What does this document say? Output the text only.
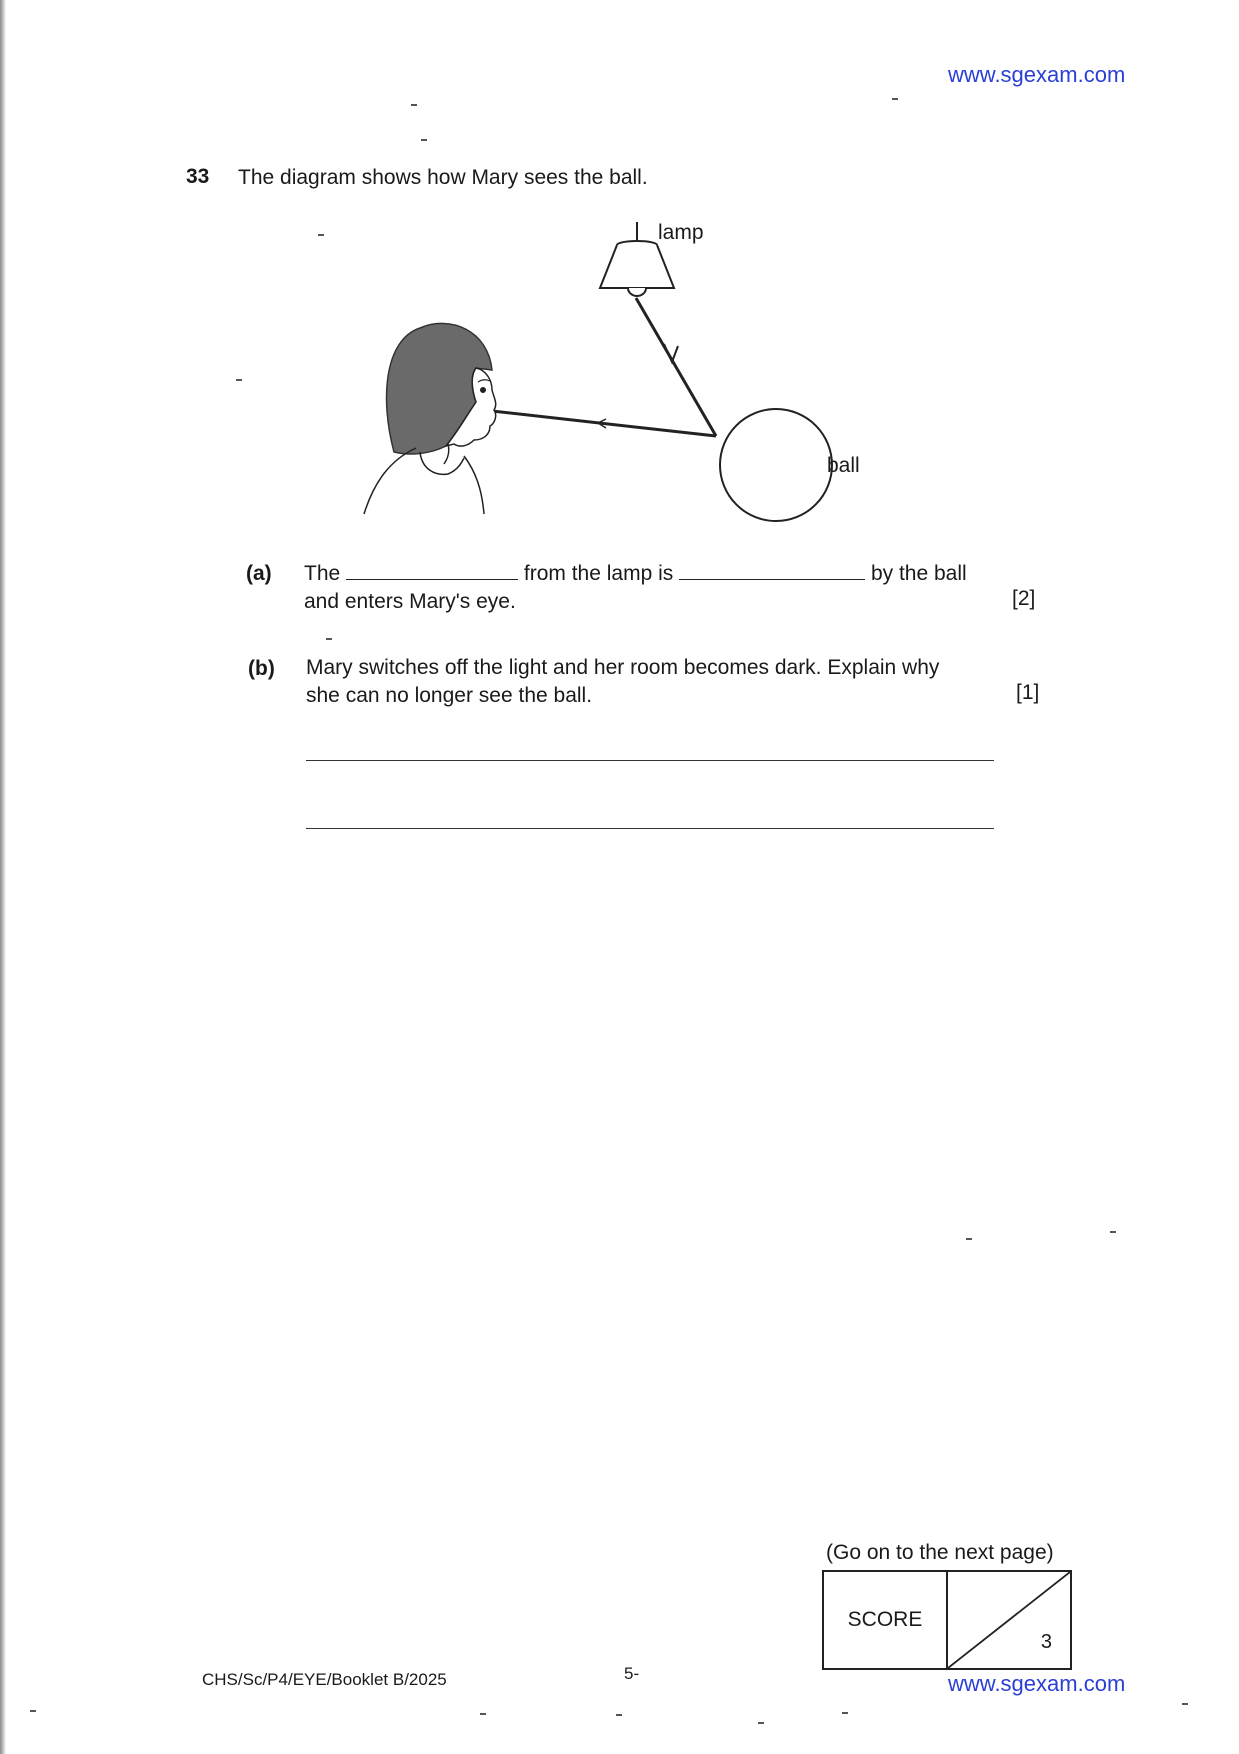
www.sgexam.com
33 The diagram shows how Mary sees the ball.
lamp
ball
(a) The	from the lamp is	by the ball
and enters Mary's eye.	[2]
(b) Mary switches off the light and her room becomes dark. Explain why
she can no longer see the ball.	[1]
(Go on to the next page)
SCORE
3
CHS/Sc/P4/EYE/Booklet B/2025	5-	www.sgexam.com
